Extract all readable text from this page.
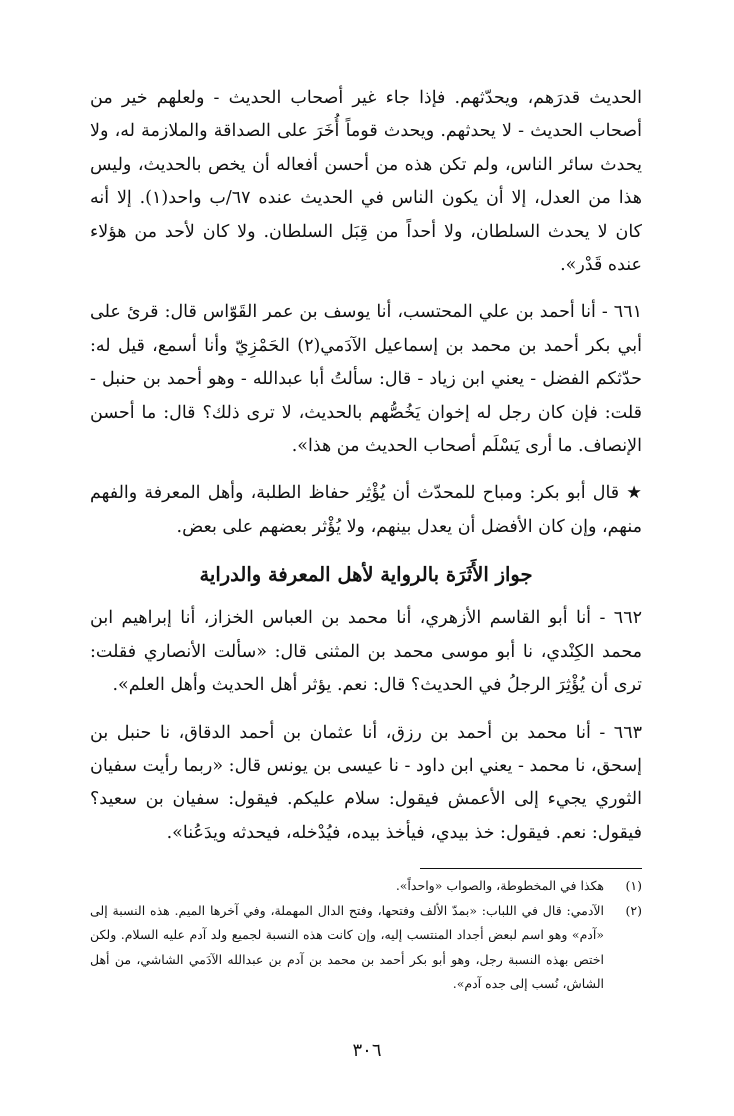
الحديث قدرَهم، ويحدّثهم. فإذا جاء غير أصحاب الحديث - ولعلهم خير من أصحاب الحديث - لا يحدثهم. ويحدث قوماً أُخَرَ على الصداقة والملازمة له، ولا يحدث سائر الناس، ولم تكن هذه من أحسن أفعاله أن يخص بالحديث، وليس هذا من العدل، إلا أن يكون الناس في الحديث عنده ٦٧/ب واحد(١). إلا أنه كان لا يحدث السلطان، ولا أحداً من قِبَل السلطان. ولا كان لأحد من هؤلاء عنده قَدْر».

٦٦١ - أنا أحمد بن علي المحتسب، أنا يوسف بن عمر القَوّاس قال: قرئ على أبي بكر أحمد بن محمد بن إسماعيل الآدَمي(٢) الحَمْزِيّ وأنا أسمع، قيل له: حدّثكم الفضل - يعني ابن زياد - قال: سألتُ أبا عبدالله - وهو أحمد بن حنبل - قلت: فإن كان رجل له إخوان يَخُصُّهم بالحديث، لا ترى ذلك؟ قال: ما أحسن الإنصاف. ما أرى يَسْلَم أصحاب الحديث من هذا».

★ قال أبو بكر: ومباح للمحدّث أن يُؤْثِر حفاظ الطلبة، وأهل المعرفة والفهم منهم، وإن كان الأفضل أن يعدل بينهم، ولا يُؤْثر بعضهم على بعض.

جواز الأَثَرَة بالرواية لأهل المعرفة والدراية

٦٦٢ - أنا أبو القاسم الأزهري، أنا محمد بن العباس الخزاز، أنا إبراهيم ابن محمد الكِنْدي، نا أبو موسى محمد بن المثنى قال: «سألت الأنصاري فقلت: ترى أن يُؤْثِرَ الرجلُ في الحديث؟ قال: نعم. يؤثر أهل الحديث وأهل العلم».

٦٦٣ - أنا محمد بن أحمد بن رزق، أنا عثمان بن أحمد الدقاق، نا حنبل بن إسحق، نا محمد - يعني ابن داود - نا عيسى بن يونس قال: «ربما رأيت سفيان الثوري يجيء إلى الأعمش فيقول: سلام عليكم. فيقول: سفيان بن سعيد؟ فيقول: نعم. فيقول: خذ بيدي، فيأخذ بيده، فيُدْخله، فيحدثه ويدَعُنا».

(١)
هكذا في المخطوطة، والصواب «واحداً».
(٢)
الآدمي: قال في اللباب: «بمدّ الألف وفتحها، وفتح الدال المهملة، وفي آخرها الميم. هذه النسبة إلى «آدم» وهو اسم لبعض أجداد المنتسب إليه، وإن كانت هذه النسبة لجميع ولد آدم عليه السلام. ولكن اختص بهذه النسبة رجل، وهو أبو بكر أحمد بن محمد بن آدم بن عبدالله الآدَمي الشاشي، من أهل الشاش، نُسب إلى جده آدم».
٣٠٦
